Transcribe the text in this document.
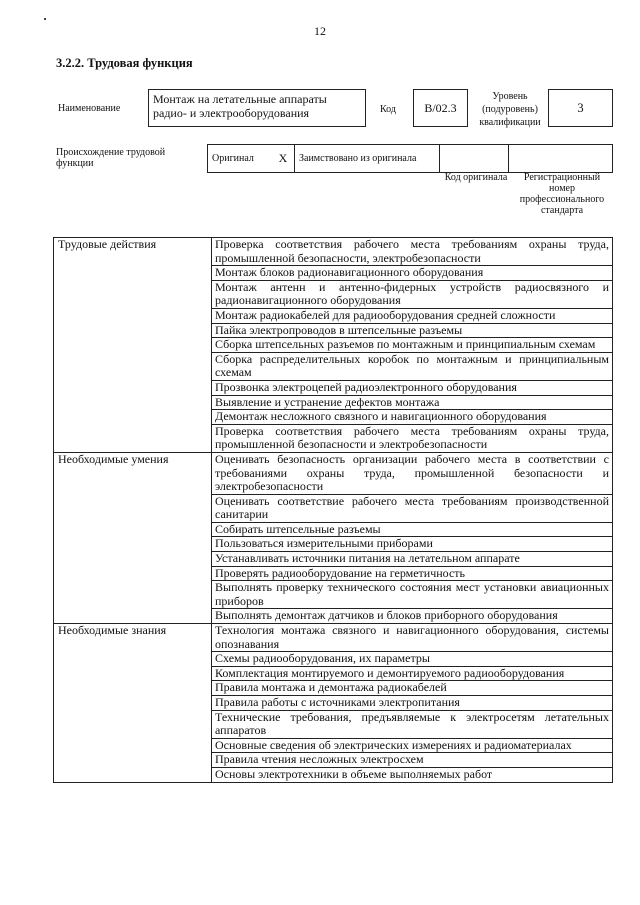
12
3.2.2. Трудовая функция
Наименование
Монтаж на летательные аппараты радио- и электрооборудования	Код	В/02.3
Уровень (подуровень) квалификации
3
Происхождение трудовой функции	Оригинал	X	Заимствовано из оригинала		
Код оригинала	Регистрационный номер профессионального стандарта
Трудовые действия	Проверка соответствия рабочего места требованиям охраны труда, промышленной безопасности, электробезопасности
	Монтаж блоков радионавигационного оборудования
	Монтаж антенн и антенно-фидерных устройств радиосвязного и радионавигационного оборудования
	Монтаж радиокабелей для радиооборудования средней сложности
	Пайка электропроводов в штепсельные разъемы
	Сборка штепсельных разъемов по монтажным и принципиальным схемам
	Сборка распределительных коробок по монтажным и принципиальным схемам
	Прозвонка электроцепей радиоэлектронного оборудования
	Выявление и устранение дефектов монтажа
	Демонтаж несложного связного и навигационного оборудования
	Проверка соответствия рабочего места требованиям охраны труда, промышленной безопасности и электробезопасности
Необходимые умения	Оценивать безопасность организации рабочего места в соответствии с требованиями охраны труда, промышленной безопасности и электробезопасности
	Оценивать соответствие рабочего места требованиям производственной санитарии
	Собирать штепсельные разъемы
	Пользоваться измерительными приборами
	Устанавливать источники питания на летательном аппарате
	Проверять радиооборудование на герметичность
	Выполнять проверку технического состояния мест установки авиационных приборов
	Выполнять демонтаж датчиков и блоков приборного оборудования
Необходимые знания	Технология монтажа связного и навигационного оборудования, системы опознавания
	Схемы радиооборудования, их параметры
	Комплектация монтируемого и демонтируемого радиооборудования
	Правила монтажа и демонтажа радиокабелей
	Правила работы с источниками электропитания
	Технические требования, предъявляемые к электросетям летательных аппаратов
	Основные сведения об электрических измерениях и радиоматериалах
	Правила чтения несложных электросхем
	Основы электротехники в объеме выполняемых работ
